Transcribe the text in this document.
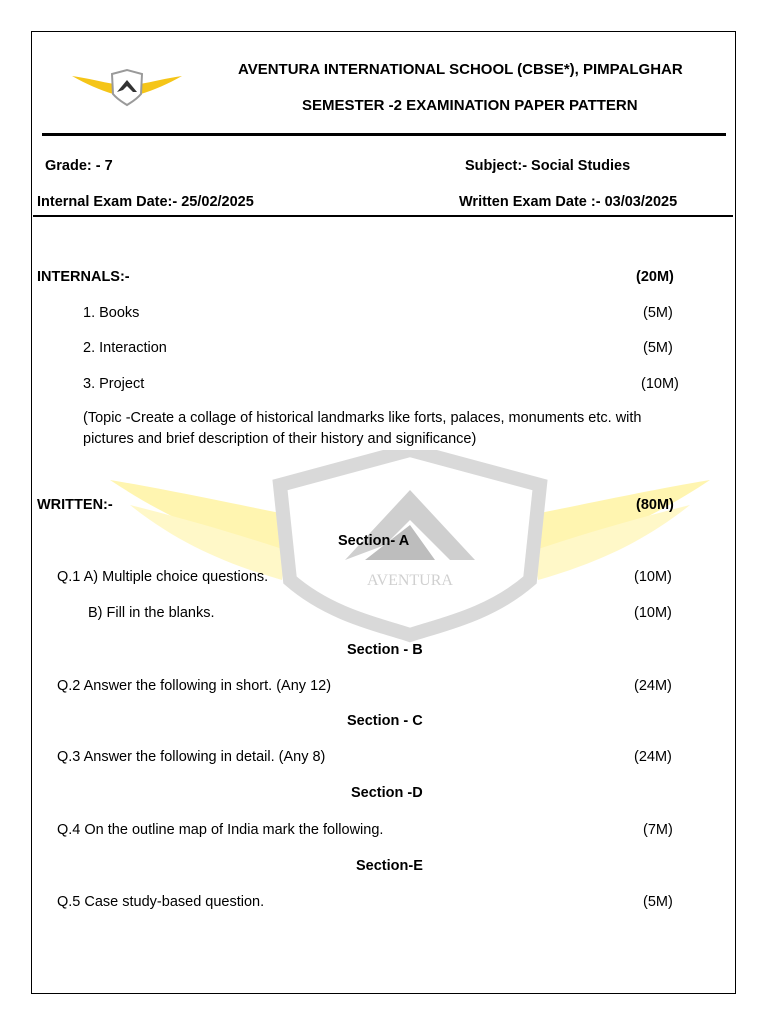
AVENTURA
AVENTURA INTERNATIONAL SCHOOL (CBSE*), PIMPALGHAR
SEMESTER -2 EXAMINATION PAPER PATTERN
Grade: - 7	Subject:- Social Studies
Internal Exam Date:- 25/02/2025	Written Exam Date :- 03/03/2025
INTERNALS:-	(20M)
1. Books	(5M)
2. Interaction	(5M)
3. Project	(10M)
(Topic -Create a collage of historical landmarks like forts, palaces, monuments etc. with
pictures and brief description of their history and significance)
WRITTEN:-	(80M)
Section- A
Q.1 A) Multiple choice questions.	(10M)
B) Fill in the blanks.	(10M)
Section - B
Q.2 Answer the following in short. (Any 12)	(24M)
Section - C
Q.3 Answer the following in detail. (Any 8)	(24M)
Section -D
Q.4 On the outline map of India mark the following.	(7M)
Section-E
Q.5 Case study-based question.	(5M)
